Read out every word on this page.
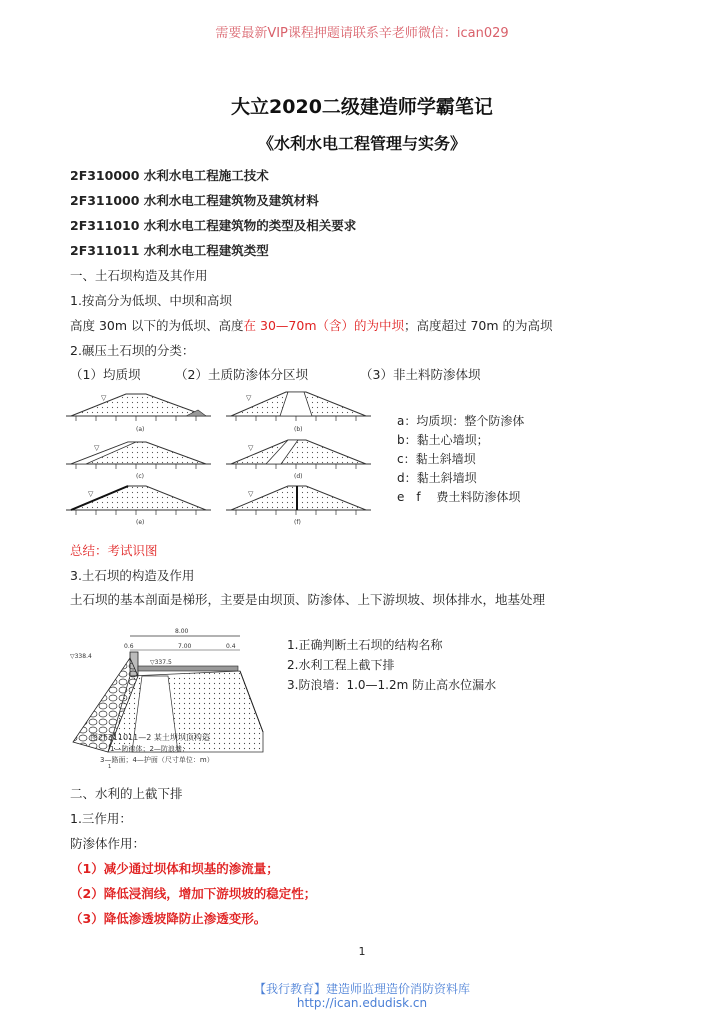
需要最新VIP课程押题请联系辛老师微信：ican029
大立2020二级建造师学霸笔记
《水利水电工程管理与实务》
2F310000 水利水电工程施工技术
2F311000 水利水电工程建筑物及建筑材料
2F311010 水利水电工程建筑物的类型及相关要求
2F311011 水利水电工程建筑类型
一、土石坝构造及其作用
1.按高分为低坝、中坝和高坝
高度 30m 以下的为低坝、高度在 30—70m（含）的为中坝；高度超过 70m 的为高坝
2.碾压土石坝的分类：
（1）均质坝	（2）土质防渗体分区坝	（3）非土料防渗体坝
▽
(a)
▽
(b)
▽
(c)
▽
(d)
▽
(e)
▽
(f)
a：均质坝：整个防渗体
b：黏土心墙坝；
c：黏土斜墙坝
d：黏土斜墙坝
e　f　 费土料防渗体坝
总结：考试识图
3.土石坝的构造及作用
土石坝的基本剖面是梯形，主要是由坝顶、防渗体、上下游坝坡、坝体排水，地基处理
8.00
0.6	7.00	0.4
▽338.4
▽337.5
1
图2F311011—2 某土坝坝顶构造
1—防渗体；2—防浪墙；
3—路面；4—护面（尺寸单位：m）
1.正确判断土石坝的结构名称
2.水利工程上截下排
3.防浪墙：1.0—1.2m 防止高水位漏水
二、水利的上截下排
1.三作用：
防渗体作用：
（1）减少通过坝体和坝基的渗流量；
（2）降低浸润线，增加下游坝坡的稳定性；
（3）降低渗透坡降防止渗透变形。
1
【我行教育】建造师监理造价消防资料库
http://ican.edudisk.cn
